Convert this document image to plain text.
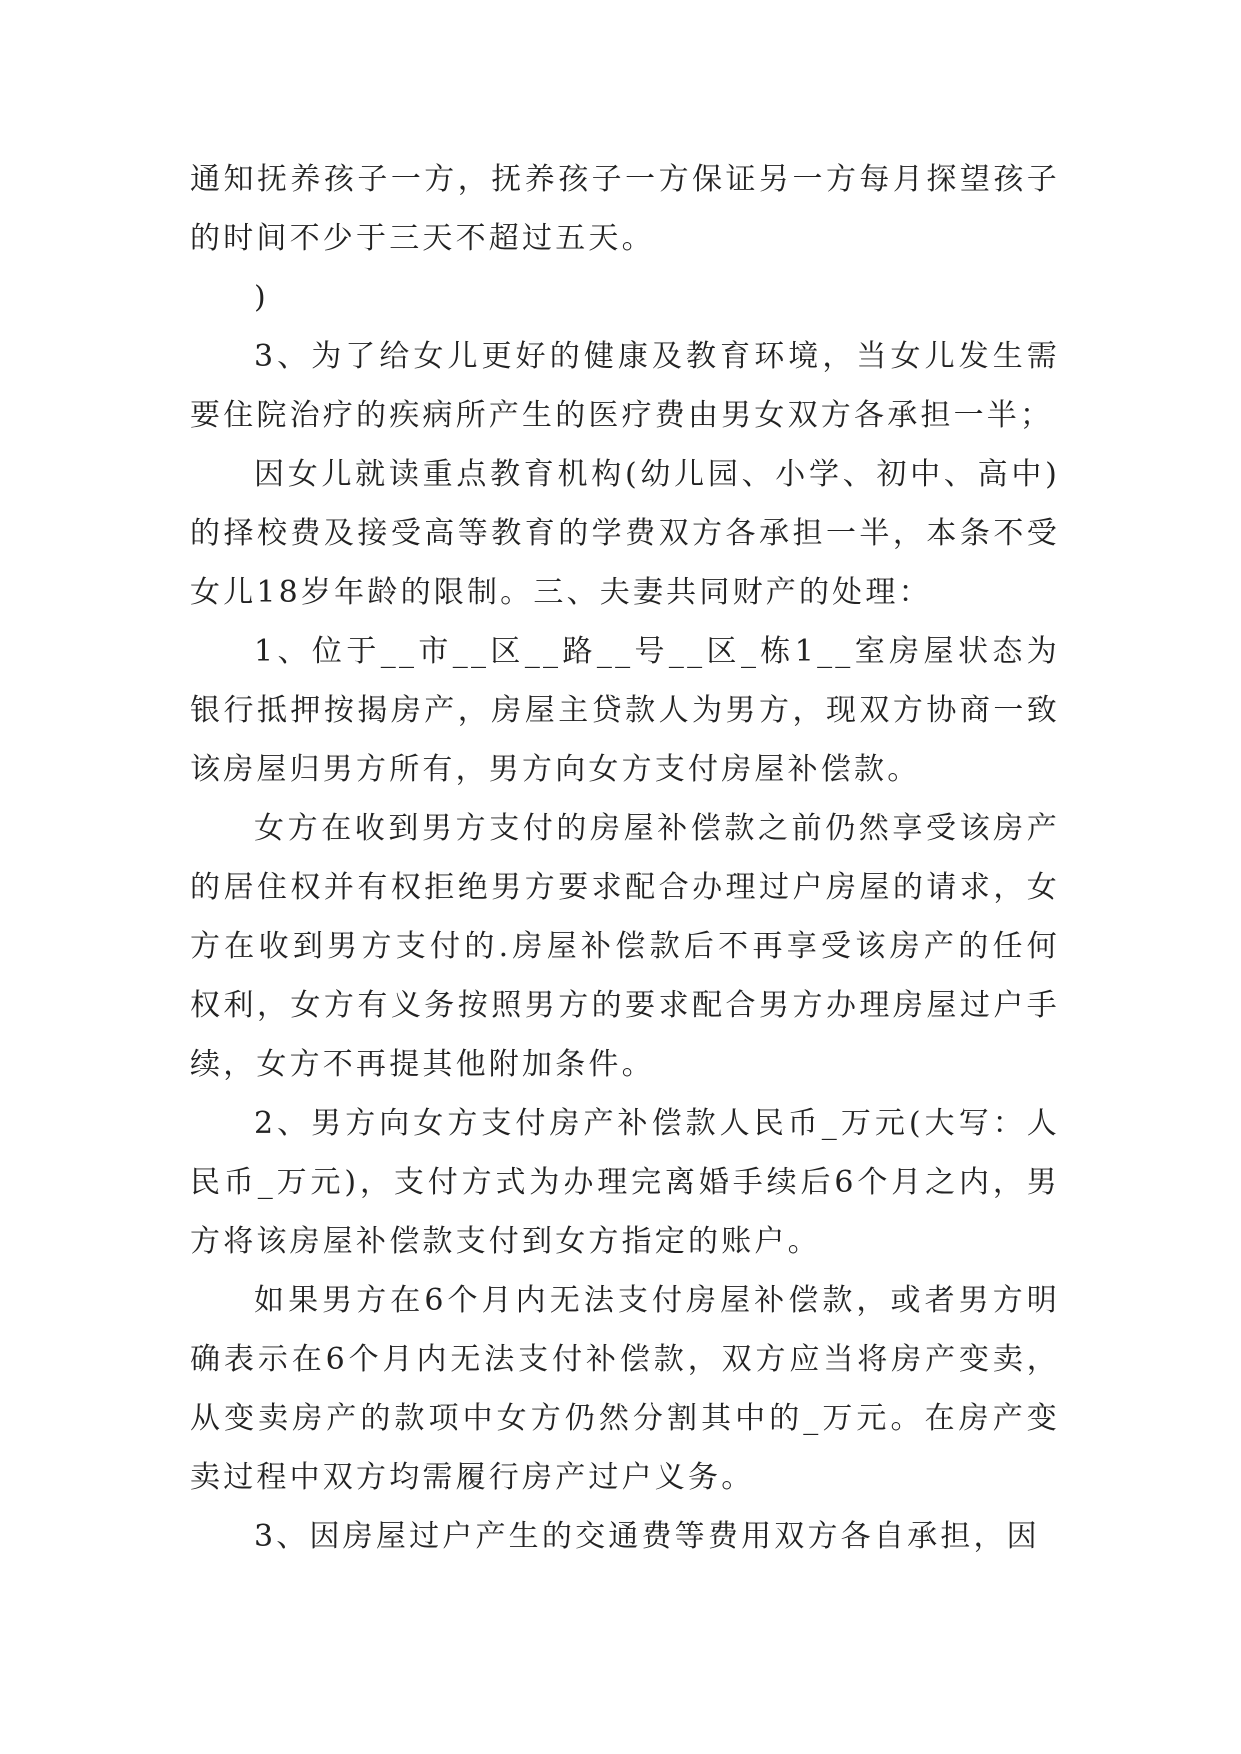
通知抚养孩子一方，抚养孩子一方保证另一方每月探望孩子的时间不少于三天不超过五天。

)

3、为了给女儿更好的健康及教育环境，当女儿发生需要住院治疗的疾病所产生的医疗费由男女双方各承担一半；

因女儿就读重点教育机构(幼儿园、小学、初中、高中)的择校费及接受高等教育的学费双方各承担一半，本条不受女儿18岁年龄的限制。三、夫妻共同财产的处理：

1、位于__市__区__路__号__区_栋1__室房屋状态为银行抵押按揭房产，房屋主贷款人为男方，现双方协商一致该房屋归男方所有，男方向女方支付房屋补偿款。

女方在收到男方支付的房屋补偿款之前仍然享受该房产的居住权并有权拒绝男方要求配合办理过户房屋的请求，女方在收到男方支付的.房屋补偿款后不再享受该房产的任何权利，女方有义务按照男方的要求配合男方办理房屋过户手续，女方不再提其他附加条件。

2、男方向女方支付房产补偿款人民币_万元(大写：人民币_万元)，支付方式为办理完离婚手续后6个月之内，男方将该房屋补偿款支付到女方指定的账户。

如果男方在6个月内无法支付房屋补偿款，或者男方明确表示在6个月内无法支付补偿款，双方应当将房产变卖，从变卖房产的款项中女方仍然分割其中的_万元。在房产变卖过程中双方均需履行房产过户义务。

3、因房屋过户产生的交通费等费用双方各自承担，因
